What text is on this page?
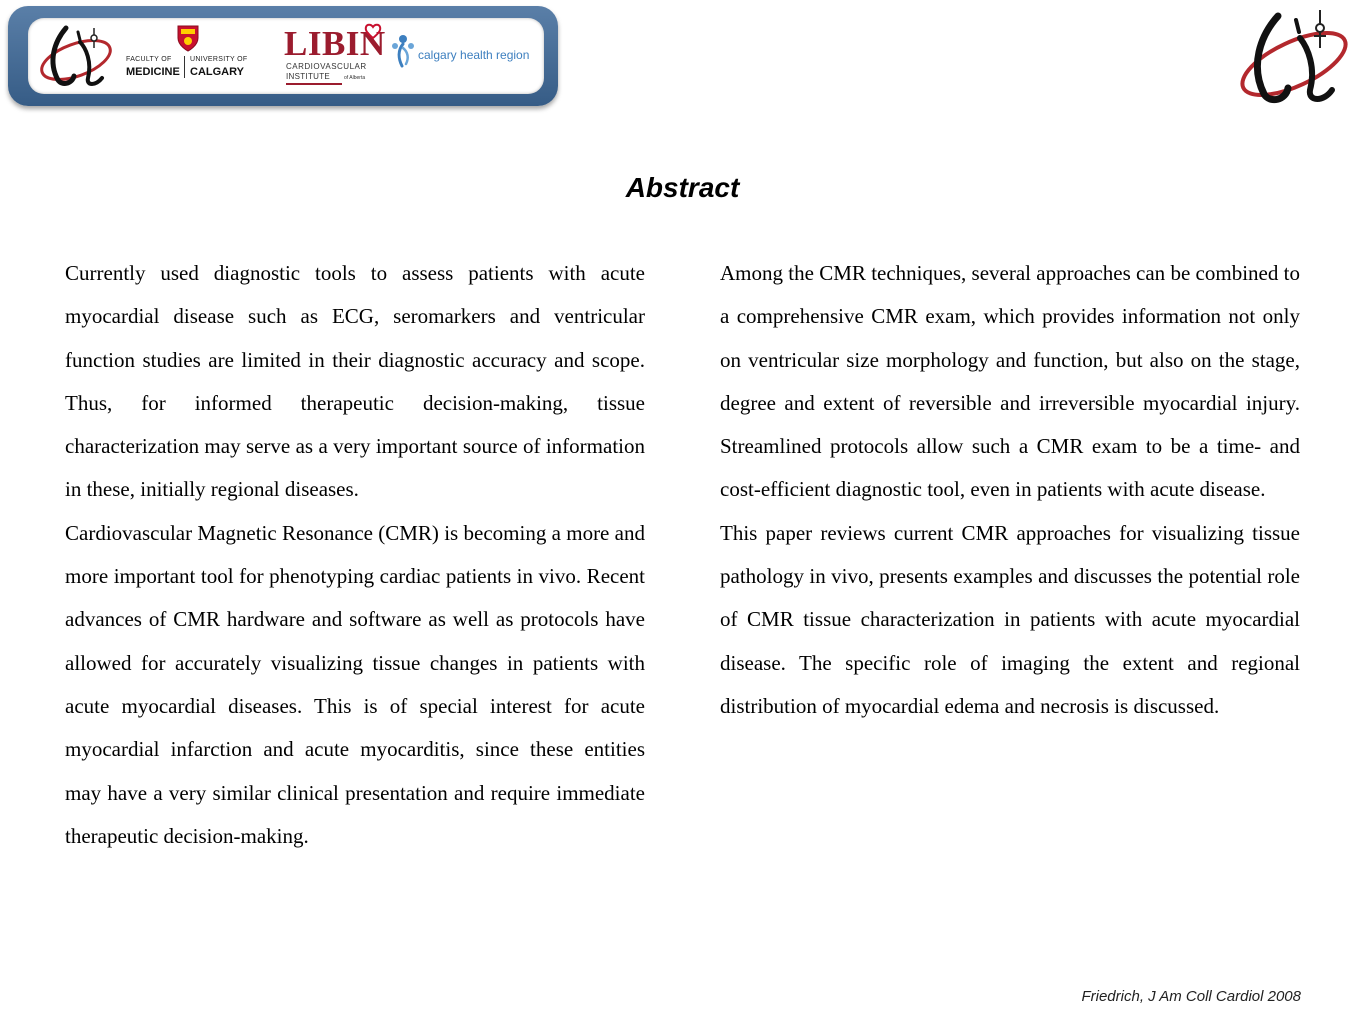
FACULTY OF	UNIVERSITY OF
MEDICINE CALGARY
LIBIN
CARDIOVASCULAR
INSTITUTE	of Alberta
calgary health region
Abstract

Currently used diagnostic tools to assess patients with acute myocardial disease such as ECG, seromarkers and ventricular function studies are limited in their diagnostic accuracy and scope. Thus, for informed therapeutic decision-making, tissue characterization may serve as a very important source of information in these, initially regional diseases.

Cardiovascular Magnetic Resonance (CMR) is becoming a more and more important tool for phenotyping cardiac patients in vivo. Recent advances of CMR hardware and software as well as protocols have allowed for accurately visualizing tissue changes in patients with acute myocardial diseases. This is of special interest for acute myocardial infarction and acute myocarditis, since these entities may have a very similar clinical presentation and require immediate therapeutic decision-making.

Among the CMR techniques, several approaches can be combined to a comprehensive CMR exam, which provides information not only on ventricular size morphology and function, but also on the stage, degree and extent of reversible and irreversible myocardial injury. Streamlined protocols allow such a CMR exam to be a time- and cost-efficient diagnostic tool, even in patients with acute disease.

This paper reviews current CMR approaches for visualizing tissue pathology in vivo, presents examples and discusses the potential role of CMR tissue characterization in patients with acute myocardial disease. The specific role of imaging the extent and regional distribution of myocardial edema and necrosis is discussed.

Friedrich, J Am Coll Cardiol 2008
